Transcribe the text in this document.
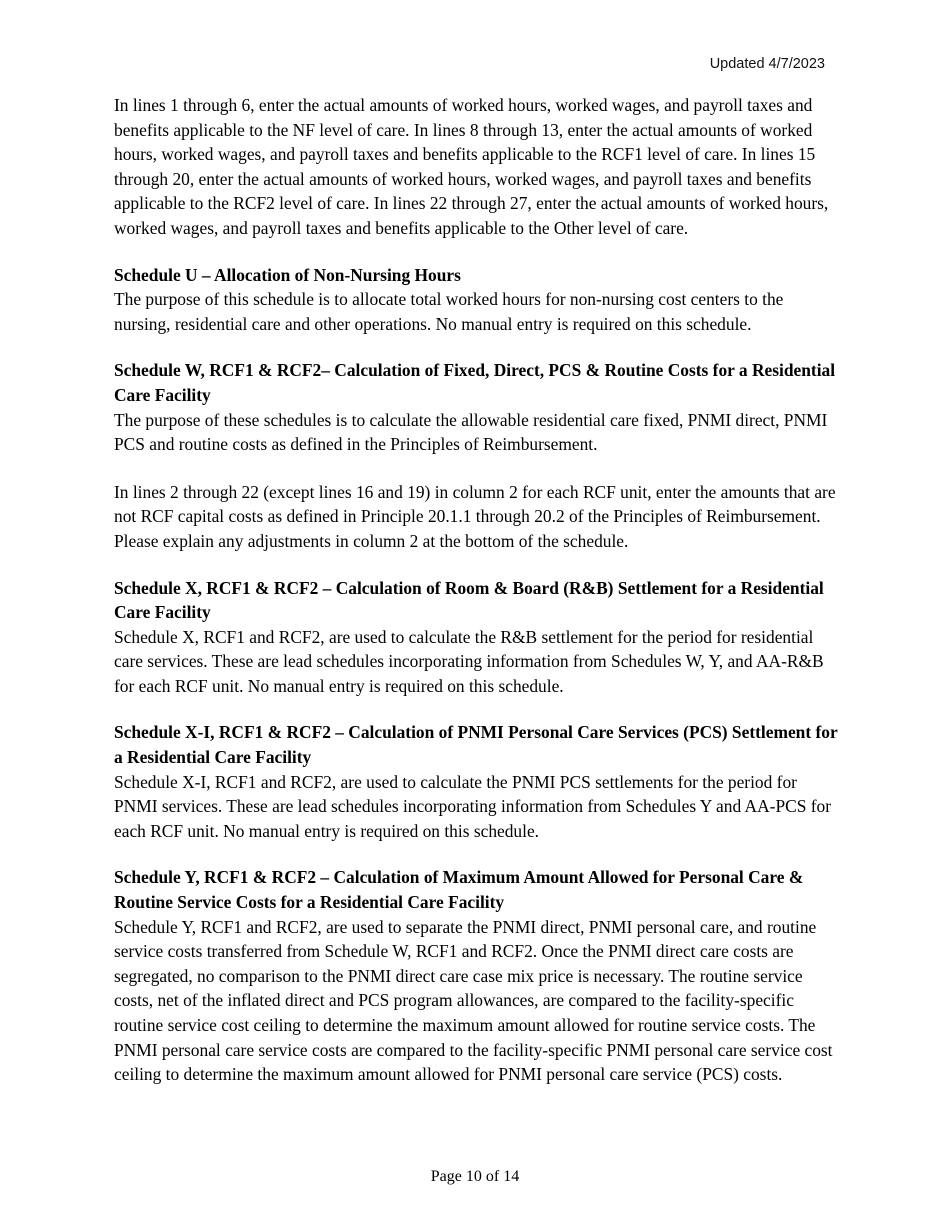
Updated 4/7/2023

In lines 1 through 6, enter the actual amounts of worked hours, worked wages, and payroll taxes and benefits applicable to the NF level of care. In lines 8 through 13, enter the actual amounts of worked hours, worked wages, and payroll taxes and benefits applicable to the RCF1 level of care. In lines 15 through 20, enter the actual amounts of worked hours, worked wages, and payroll taxes and benefits applicable to the RCF2 level of care. In lines 22 through 27, enter the actual amounts of worked hours, worked wages, and payroll taxes and benefits applicable to the Other level of care.

Schedule U – Allocation of Non-Nursing Hours

The purpose of this schedule is to allocate total worked hours for non-nursing cost centers to the nursing, residential care and other operations. No manual entry is required on this schedule.

Schedule W, RCF1 & RCF2– Calculation of Fixed, Direct, PCS & Routine Costs for a Residential Care Facility

The purpose of these schedules is to calculate the allowable residential care fixed, PNMI direct, PNMI PCS and routine costs as defined in the Principles of Reimbursement.

In lines 2 through 22 (except lines 16 and 19) in column 2 for each RCF unit, enter the amounts that are not RCF capital costs as defined in Principle 20.1.1 through 20.2 of the Principles of Reimbursement. Please explain any adjustments in column 2 at the bottom of the schedule.

Schedule X, RCF1 & RCF2 – Calculation of Room & Board (R&B) Settlement for a Residential Care Facility

Schedule X, RCF1 and RCF2, are used to calculate the R&B settlement for the period for residential care services. These are lead schedules incorporating information from Schedules W, Y, and AA-R&B for each RCF unit. No manual entry is required on this schedule.

Schedule X-I, RCF1 & RCF2 – Calculation of PNMI Personal Care Services (PCS) Settlement for a Residential Care Facility

Schedule X-I, RCF1 and RCF2, are used to calculate the PNMI PCS settlements for the period for PNMI services. These are lead schedules incorporating information from Schedules Y and AA-PCS for each RCF unit. No manual entry is required on this schedule.

Schedule Y, RCF1 & RCF2 – Calculation of Maximum Amount Allowed for Personal Care & Routine Service Costs for a Residential Care Facility

Schedule Y, RCF1 and RCF2, are used to separate the PNMI direct, PNMI personal care, and routine service costs transferred from Schedule W, RCF1 and RCF2. Once the PNMI direct care costs are segregated, no comparison to the PNMI direct care case mix price is necessary. The routine service costs, net of the inflated direct and PCS program allowances, are compared to the facility-specific routine service cost ceiling to determine the maximum amount allowed for routine service costs. The PNMI personal care service costs are compared to the facility-specific PNMI personal care service cost ceiling to determine the maximum amount allowed for PNMI personal care service (PCS) costs.

Page 10 of 14
